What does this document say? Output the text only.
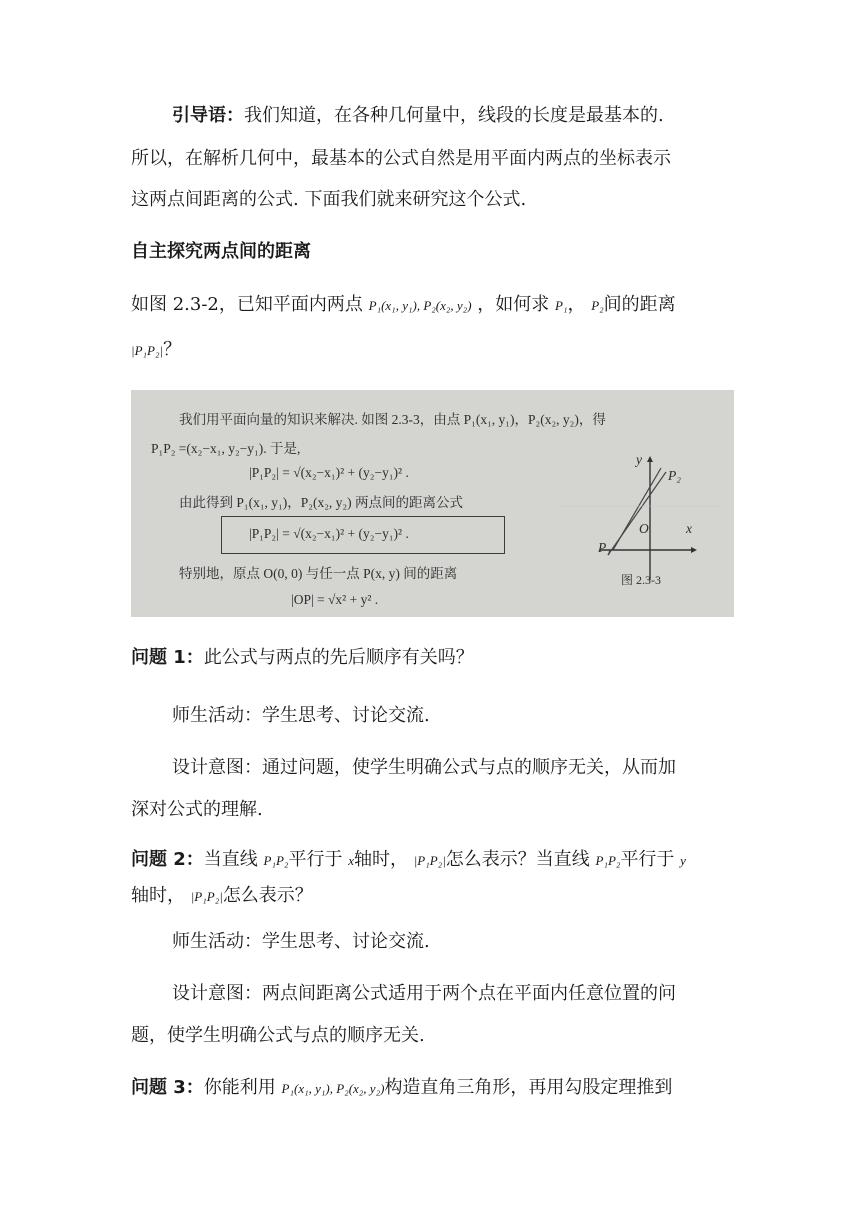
引导语：我们知道，在各种几何量中，线段的长度是最基本的.
所以，在解析几何中，最基本的公式自然是用平面内两点的坐标表示
这两点间距离的公式. 下面我们就来研究这个公式.
自主探究两点间的距离
如图 2.3-2，已知平面内两点 P₁(x₁, y₁), P₂(x₂, y₂) ，如何求 P₁， P₂间的距离
|P₁P₂|？
我们用平面向量的知识来解决. 如图 2.3-3，由点 P₁(x₁, y₁)，P₂(x₂, y₂)，得
P₁P₂ =(x₂−x₁, y₂−y₁). 于是,
|P₁P₂| = √(x₂−x₁)² + (y₂−y₁)² .
由此得到 P₁(x₁, y₁)，P₂(x₂, y₂) 两点间的距离公式
|P₁P₂| = √(x₂−x₁)² + (y₂−y₁)² .
特别地，原点 O(0, 0) 与任一点 P(x, y) 间的距离
|OP| = √x² + y² .
y
x
O
P₂
P₁
图 2.3-3
问题 1：此公式与两点的先后顺序有关吗？
师生活动：学生思考、讨论交流.
设计意图：通过问题，使学生明确公式与点的顺序无关，从而加
深对公式的理解.
问题 2：当直线 P₁P₂平行于 x轴时， |P₁P₂|怎么表示？当直线 P₁P₂平行于 y
轴时， |P₁P₂|怎么表示？
师生活动：学生思考、讨论交流.
设计意图：两点间距离公式适用于两个点在平面内任意位置的问
题，使学生明确公式与点的顺序无关.
问题 3：你能利用 P₁(x₁, y₁), P₂(x₂, y₂)构造直角三角形，再用勾股定理推到
